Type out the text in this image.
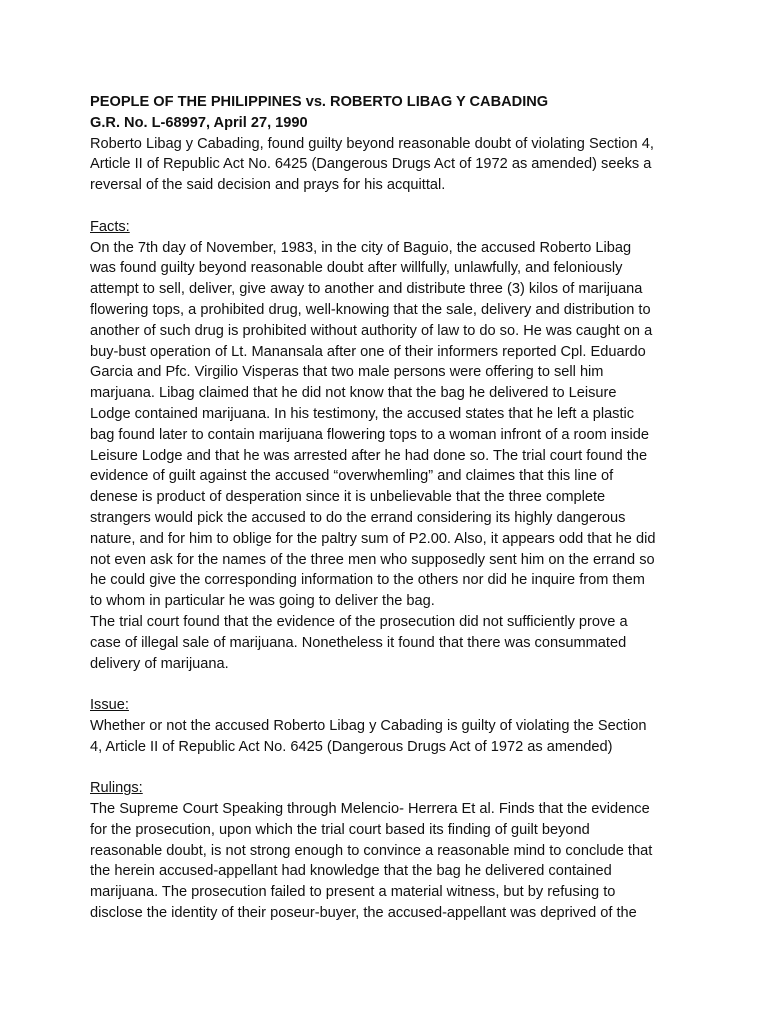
PEOPLE OF THE PHILIPPINES vs. ROBERTO LIBAG Y CABADING
G.R. No. L-68997, April 27, 1990
Roberto Libag y Cabading, found guilty beyond reasonable doubt of violating Section 4,
Article II of Republic Act No. 6425 (Dangerous Drugs Act of 1972 as amended) seeks a
reversal of the said decision and prays for his acquittal.
Facts:
On the 7th day of November, 1983, in the city of Baguio, the accused Roberto Libag
was found guilty beyond reasonable doubt after willfully, unlawfully, and feloniously
attempt to sell, deliver, give away to another and distribute three (3) kilos of marijuana
flowering tops, a prohibited drug, well-knowing that the sale, delivery and distribution to
another of such drug is prohibited without authority of law to do so. He was caught on a
buy-bust operation of Lt. Manansala after one of their informers reported Cpl. Eduardo
Garcia and Pfc. Virgilio Visperas that two male persons were offering to sell him
marjuana. Libag claimed that he did not know that the bag he delivered to Leisure
Lodge contained marijuana. In his testimony, the accused states that he left a plastic
bag found later to contain marijuana flowering tops to a woman infront of a room inside
Leisure Lodge and that he was arrested after he had done so. The trial court found the
evidence of guilt against the accused “overwhemling” and claimes that this line of
denese is product of desperation since it is unbelievable that the three complete
strangers would pick the accused to do the errand considering its highly dangerous
nature, and for him to oblige for the paltry sum of P2.00. Also, it appears odd that he did
not even ask for the names of the three men who supposedly sent him on the errand so
he could give the corresponding information to the others nor did he inquire from them
to whom in particular he was going to deliver the bag.
The trial court found that the evidence of the prosecution did not sufficiently prove a
case of illegal sale of marijuana. Nonetheless it found that there was consummated
delivery of marijuana.
Issue:
Whether or not the accused Roberto Libag y Cabading is guilty of violating the Section
4, Article II of Republic Act No. 6425 (Dangerous Drugs Act of 1972 as amended)
Rulings:
The Supreme Court Speaking through Melencio- Herrera Et al. Finds that the evidence
for the prosecution, upon which the trial court based its finding of guilt beyond
reasonable doubt, is not strong enough to convince a reasonable mind to conclude that
the herein accused-appellant had knowledge that the bag he delivered contained
marijuana. The prosecution failed to present a material witness, but by refusing to
disclose the identity of their poseur-buyer, the accused-appellant was deprived of the
